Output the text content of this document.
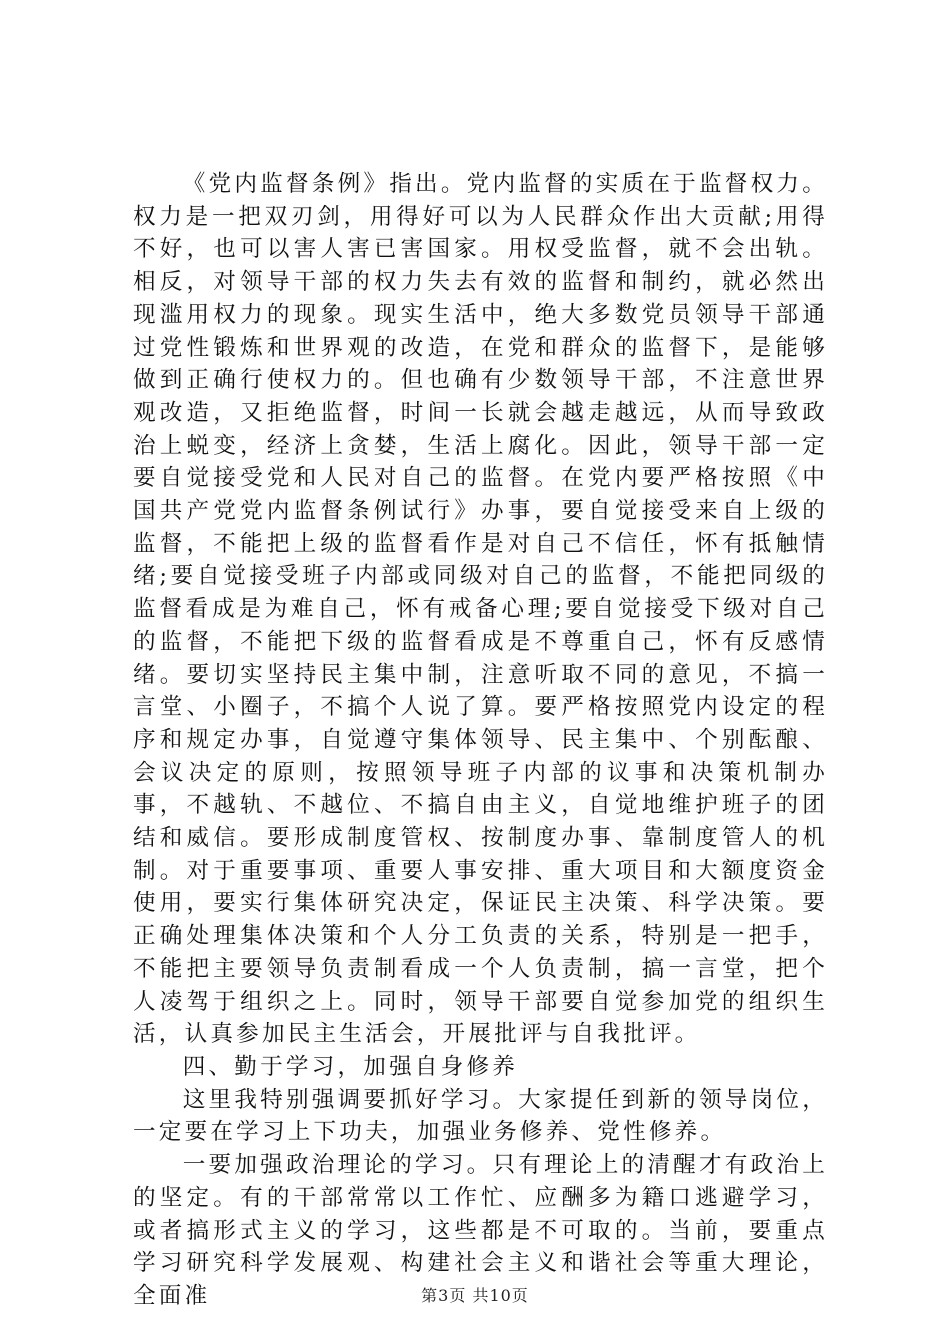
《党内监督条例》指出。党内监督的实质在于监督权力。权力是一把双刃剑，用得好可以为人民群众作出大贡献;用得不好，也可以害人害已害国家。用权受监督，就不会出轨。相反，对领导干部的权力失去有效的监督和制约，就必然出现滥用权力的现象。现实生活中，绝大多数党员领导干部通过党性锻炼和世界观的改造，在党和群众的监督下，是能够做到正确行使权力的。但也确有少数领导干部，不注意世界观改造，又拒绝监督，时间一长就会越走越远，从而导致政治上蜕变，经济上贪婪，生活上腐化。因此，领导干部一定要自觉接受党和人民对自己的监督。在党内要严格按照《中国共产党党内监督条例试行》办事，要自觉接受来自上级的监督，不能把上级的监督看作是对自己不信任，怀有抵触情绪;要自觉接受班子内部或同级对自己的监督，不能把同级的监督看成是为难自己，怀有戒备心理;要自觉接受下级对自己的监督，不能把下级的监督看成是不尊重自己，怀有反感情绪。要切实坚持民主集中制，注意听取不同的意见，不搞一言堂、小圈子，不搞个人说了算。要严格按照党内设定的程序和规定办事，自觉遵守集体领导、民主集中、个别酝酿、会议决定的原则，按照领导班子内部的议事和决策机制办事，不越轨、不越位、不搞自由主义，自觉地维护班子的团结和威信。要形成制度管权、按制度办事、靠制度管人的机制。对于重要事项、重要人事安排、重大项目和大额度资金使用，要实行集体研究决定，保证民主决策、科学决策。要正确处理集体决策和个人分工负责的关系，特别是一把手，不能把主要领导负责制看成一个人负责制，搞一言堂，把个人凌驾于组织之上。同时，领导干部要自觉参加党的组织生活，认真参加民主生活会，开展批评与自我批评。

四、勤于学习，加强自身修养

这里我特别强调要抓好学习。大家提任到新的领导岗位，一定要在学习上下功夫，加强业务修养、党性修养。

一要加强政治理论的学习。只有理论上的清醒才有政治上的坚定。有的干部常常以工作忙、应酬多为籍口逃避学习，或者搞形式主义的学习，这些都是不可取的。当前，要重点学习研究科学发展观、构建社会主义和谐社会等重大理论，全面准	第3页 共10页
